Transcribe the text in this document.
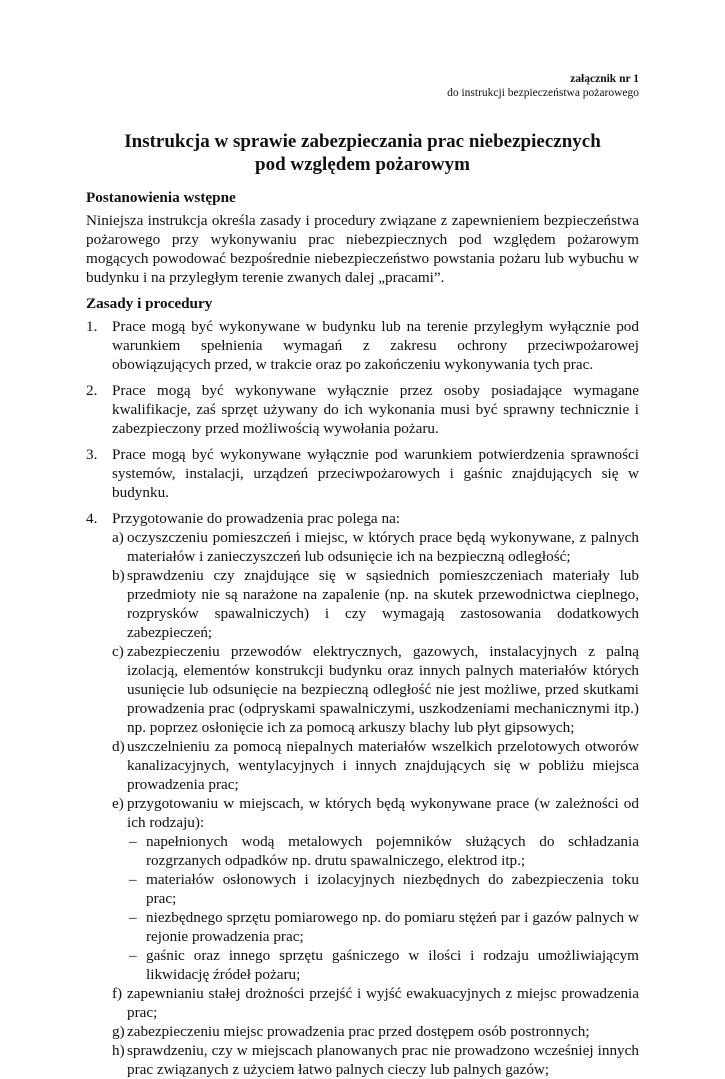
załącznik nr 1
do instrukcji bezpieczeństwa pożarowego
Instrukcja w sprawie zabezpieczania prac niebezpiecznych
pod względem pożarowym
Postanowienia wstępne
Niniejsza instrukcja określa zasady i procedury związane z zapewnieniem bezpieczeństwa pożarowego przy wykonywaniu prac niebezpiecznych pod względem pożarowym mogących powodować bezpośrednie niebezpieczeństwo powstania pożaru lub wybuchu w budynku i na przyległym terenie zwanych dalej „pracami”.
Zasady i procedury
1. Prace mogą być wykonywane w budynku lub na terenie przyległym wyłącznie pod warunkiem spełnienia wymagań z zakresu ochrony przeciwpożarowej obowiązujących przed, w trakcie oraz po zakończeniu wykonywania tych prac.
2. Prace mogą być wykonywane wyłącznie przez osoby posiadające wymagane kwalifikacje, zaś sprzęt używany do ich wykonania musi być sprawny technicznie i zabezpieczony przed możliwością wywołania pożaru.
3. Prace mogą być wykonywane wyłącznie pod warunkiem potwierdzenia sprawności systemów, instalacji, urządzeń przeciwpożarowych i gaśnic znajdujących się w budynku.
4. Przygotowanie do prowadzenia prac polega na:
a) oczyszczeniu pomieszczeń i miejsc, w których prace będą wykonywane, z palnych materiałów i zanieczyszczeń lub odsunięcie ich na bezpieczną odległość;
b) sprawdzeniu czy znajdujące się w sąsiednich pomieszczeniach materiały lub przedmioty nie są narażone na zapalenie (np. na skutek przewodnictwa cieplnego, rozprysków spawalniczych) i czy wymagają zastosowania dodatkowych zabezpieczeń;
c) zabezpieczeniu przewodów elektrycznych, gazowych, instalacyjnych z palną izolacją, elementów konstrukcji budynku oraz innych palnych materiałów których usunięcie lub odsunięcie na bezpieczną odległość nie jest możliwe, przed skutkami prowadzenia prac (odpryskami spawalniczymi, uszkodzeniami mechanicznymi itp.) np. poprzez osłonięcie ich za pomocą arkuszy blachy lub płyt gipsowych;
d) uszczelnieniu za pomocą niepalnych materiałów wszelkich przelotowych otworów kanalizacyjnych, wentylacyjnych i innych znajdujących się w pobliżu miejsca prowadzenia prac;
e) przygotowaniu w miejscach, w których będą wykonywane prace (w zależności od ich rodzaju):
– napełnionych wodą metalowych pojemników służących do schładzania rozgrzanych odpadków np. drutu spawalniczego, elektrod itp.;
– materiałów osłonowych i izolacyjnych niezbędnych do zabezpieczenia toku prac;
– niezbędnego sprzętu pomiarowego np. do pomiaru stężeń par i gazów palnych w rejonie prowadzenia prac;
– gaśnic oraz innego sprzętu gaśniczego w ilości i rodzaju umożliwiającym likwidację źródeł pożaru;
f) zapewnianiu stałej drożności przejść i wyjść ewakuacyjnych z miejsc prowadzenia prac;
g) zabezpieczeniu miejsc prowadzenia prac przed dostępem osób postronnych;
h) sprawdzeniu, czy w miejscach planowanych prac nie prowadzono wcześniej innych prac związanych z użyciem łatwo palnych cieczy lub palnych gazów;
